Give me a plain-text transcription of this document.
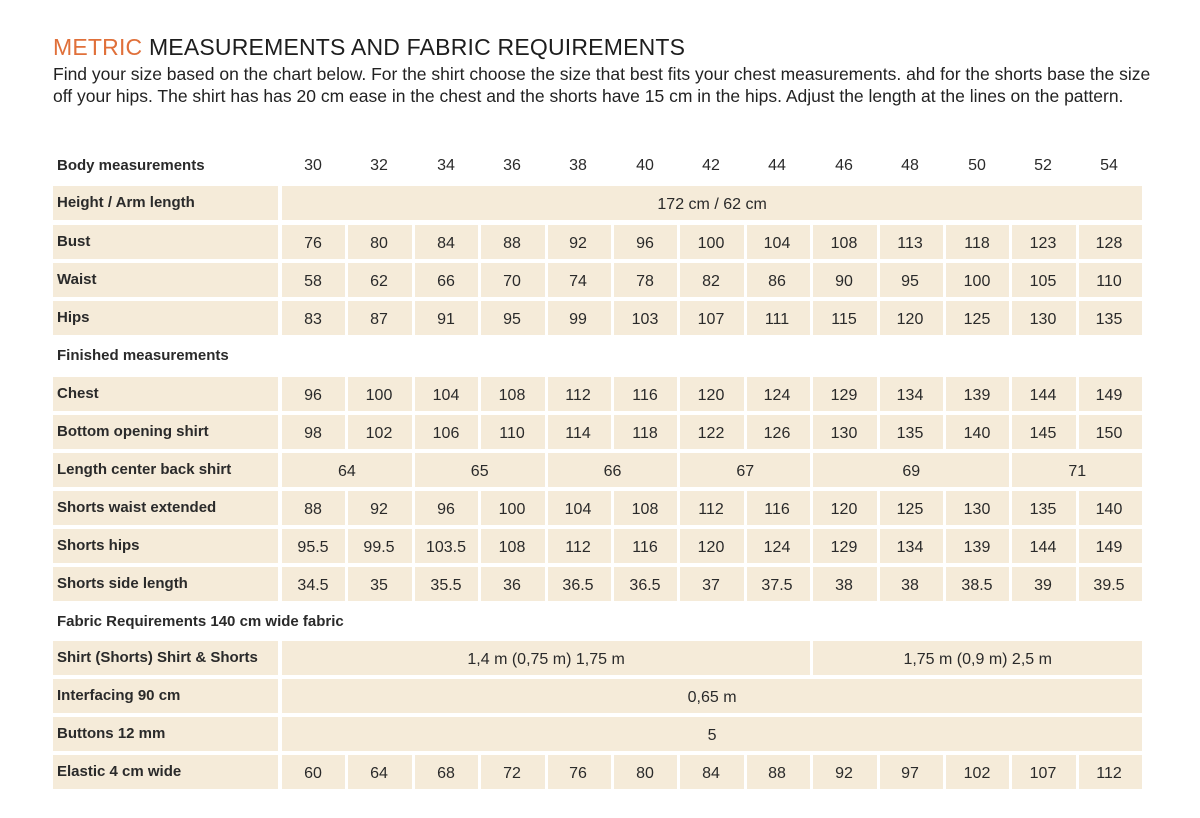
METRIC MEASUREMENTS AND FABRIC REQUIREMENTS

Find your size based on the chart below. For the shirt choose the size that best fits your chest measurements. ahd for the shorts base the size off your hips. The shirt has has 20 cm ease in the chest and the shorts have 15 cm in the hips. Adjust the length at the lines on the pattern.

Body measurements	30	32	34	36	38	40	42	44	46	48	50	52	54
Height / Arm length	172 cm / 62 cm
Bust	76	80	84	88	92	96	100	104	108	113	118	123	128
Waist	58	62	66	70	74	78	82	86	90	95	100	105	110
Hips	83	87	91	95	99	103	107	111	115	120	125	130	135
Finished measurements
Chest	96	100	104	108	112	116	120	124	129	134	139	144	149
Bottom opening shirt	98	102	106	110	114	118	122	126	130	135	140	145	150
Length center back shirt	64	65	66	67	69	71
Shorts waist extended	88	92	96	100	104	108	112	116	120	125	130	135	140
Shorts hips	95.5	99.5	103.5	108	112	116	120	124	129	134	139	144	149
Shorts side length	34.5	35	35.5	36	36.5	36.5	37	37.5	38	38	38.5	39	39.5
Fabric Requirements 140 cm wide fabric
Shirt (Shorts) Shirt & Shorts	1,4 m (0,75 m) 1,75 m	1,75 m (0,9 m) 2,5 m
Interfacing 90 cm	0,65 m
Buttons 12 mm	5
Elastic 4 cm wide	60	64	68	72	76	80	84	88	92	97	102	107	112
